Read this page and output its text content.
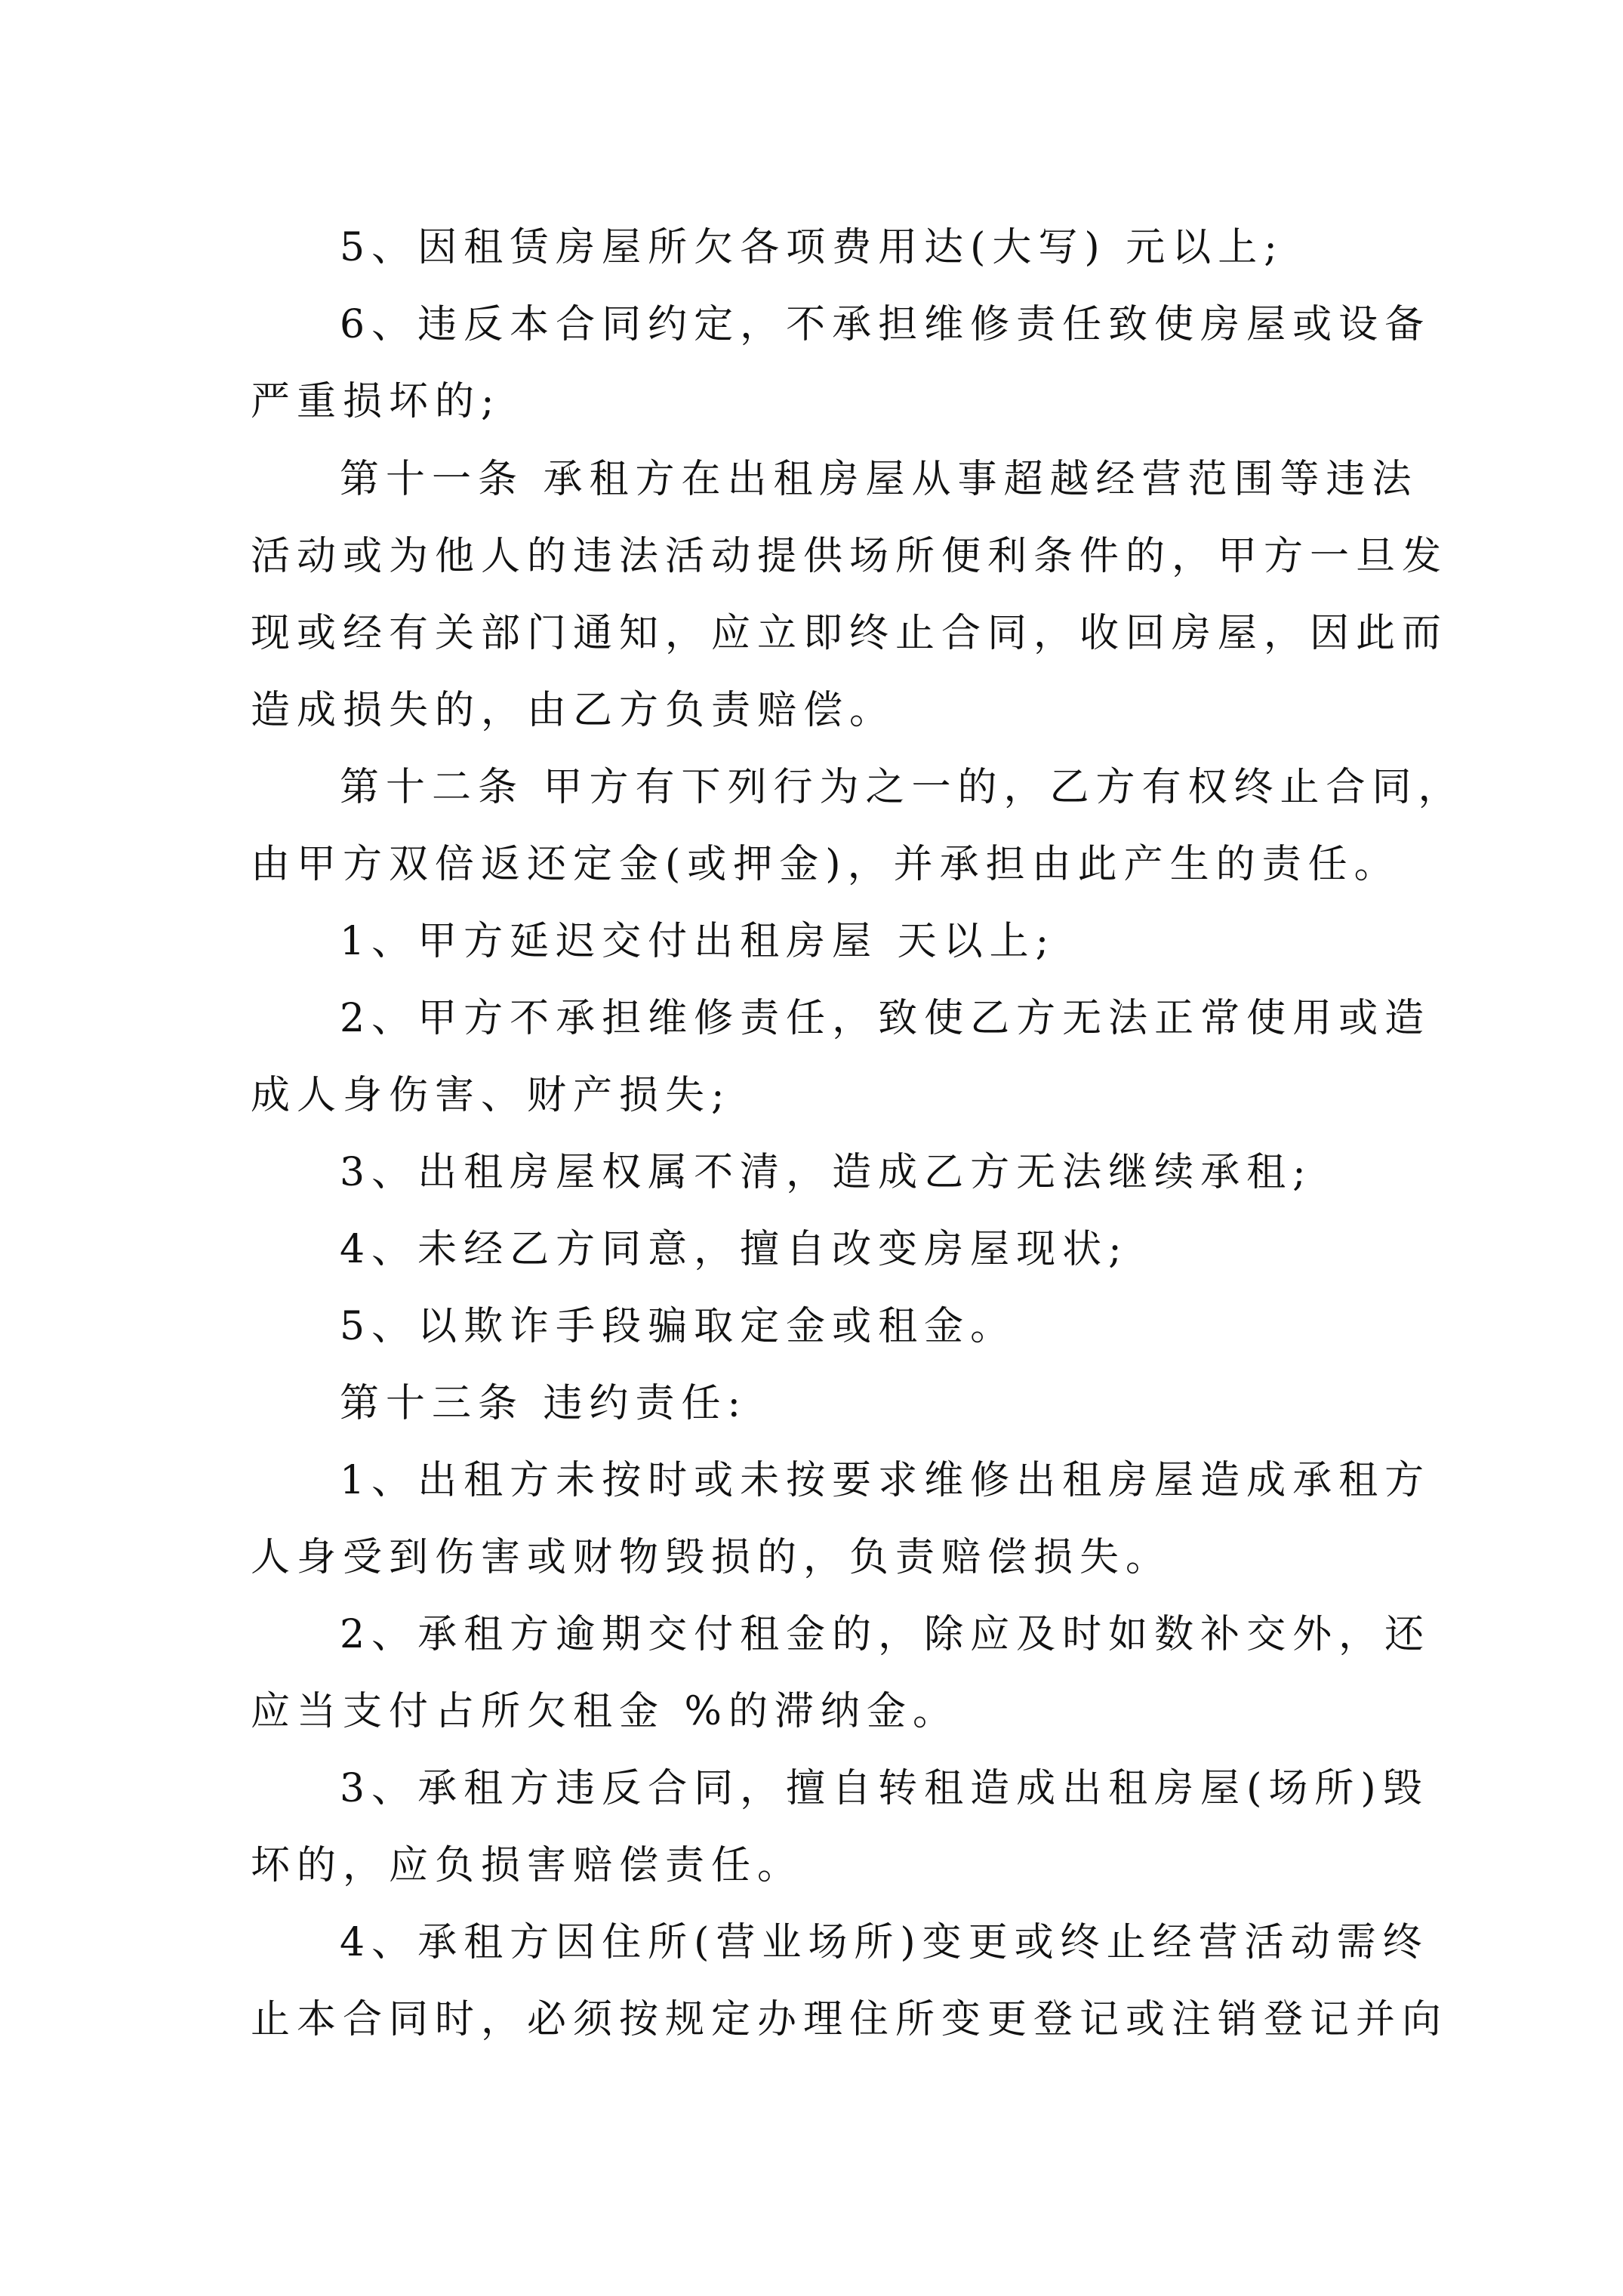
5、因租赁房屋所欠各项费用达(大写) 元以上;
6、违反本合同约定，不承担维修责任致使房屋或设备
严重损坏的;
第十一条 承租方在出租房屋从事超越经营范围等违法
活动或为他人的违法活动提供场所便利条件的，甲方一旦发
现或经有关部门通知，应立即终止合同，收回房屋，因此而
造成损失的，由乙方负责赔偿。
第十二条 甲方有下列行为之一的，乙方有权终止合同，
由甲方双倍返还定金(或押金)，并承担由此产生的责任。
1、甲方延迟交付出租房屋 天以上;
2、甲方不承担维修责任，致使乙方无法正常使用或造
成人身伤害、财产损失;
3、出租房屋权属不清，造成乙方无法继续承租;
4、未经乙方同意，擅自改变房屋现状;
5、以欺诈手段骗取定金或租金。
第十三条 违约责任:
1、出租方未按时或未按要求维修出租房屋造成承租方
人身受到伤害或财物毁损的，负责赔偿损失。
2、承租方逾期交付租金的，除应及时如数补交外，还
应当支付占所欠租金 %的滞纳金。
3、承租方违反合同，擅自转租造成出租房屋(场所)毁
坏的，应负损害赔偿责任。
4、承租方因住所(营业场所)变更或终止经营活动需终
止本合同时，必须按规定办理住所变更登记或注销登记并向
